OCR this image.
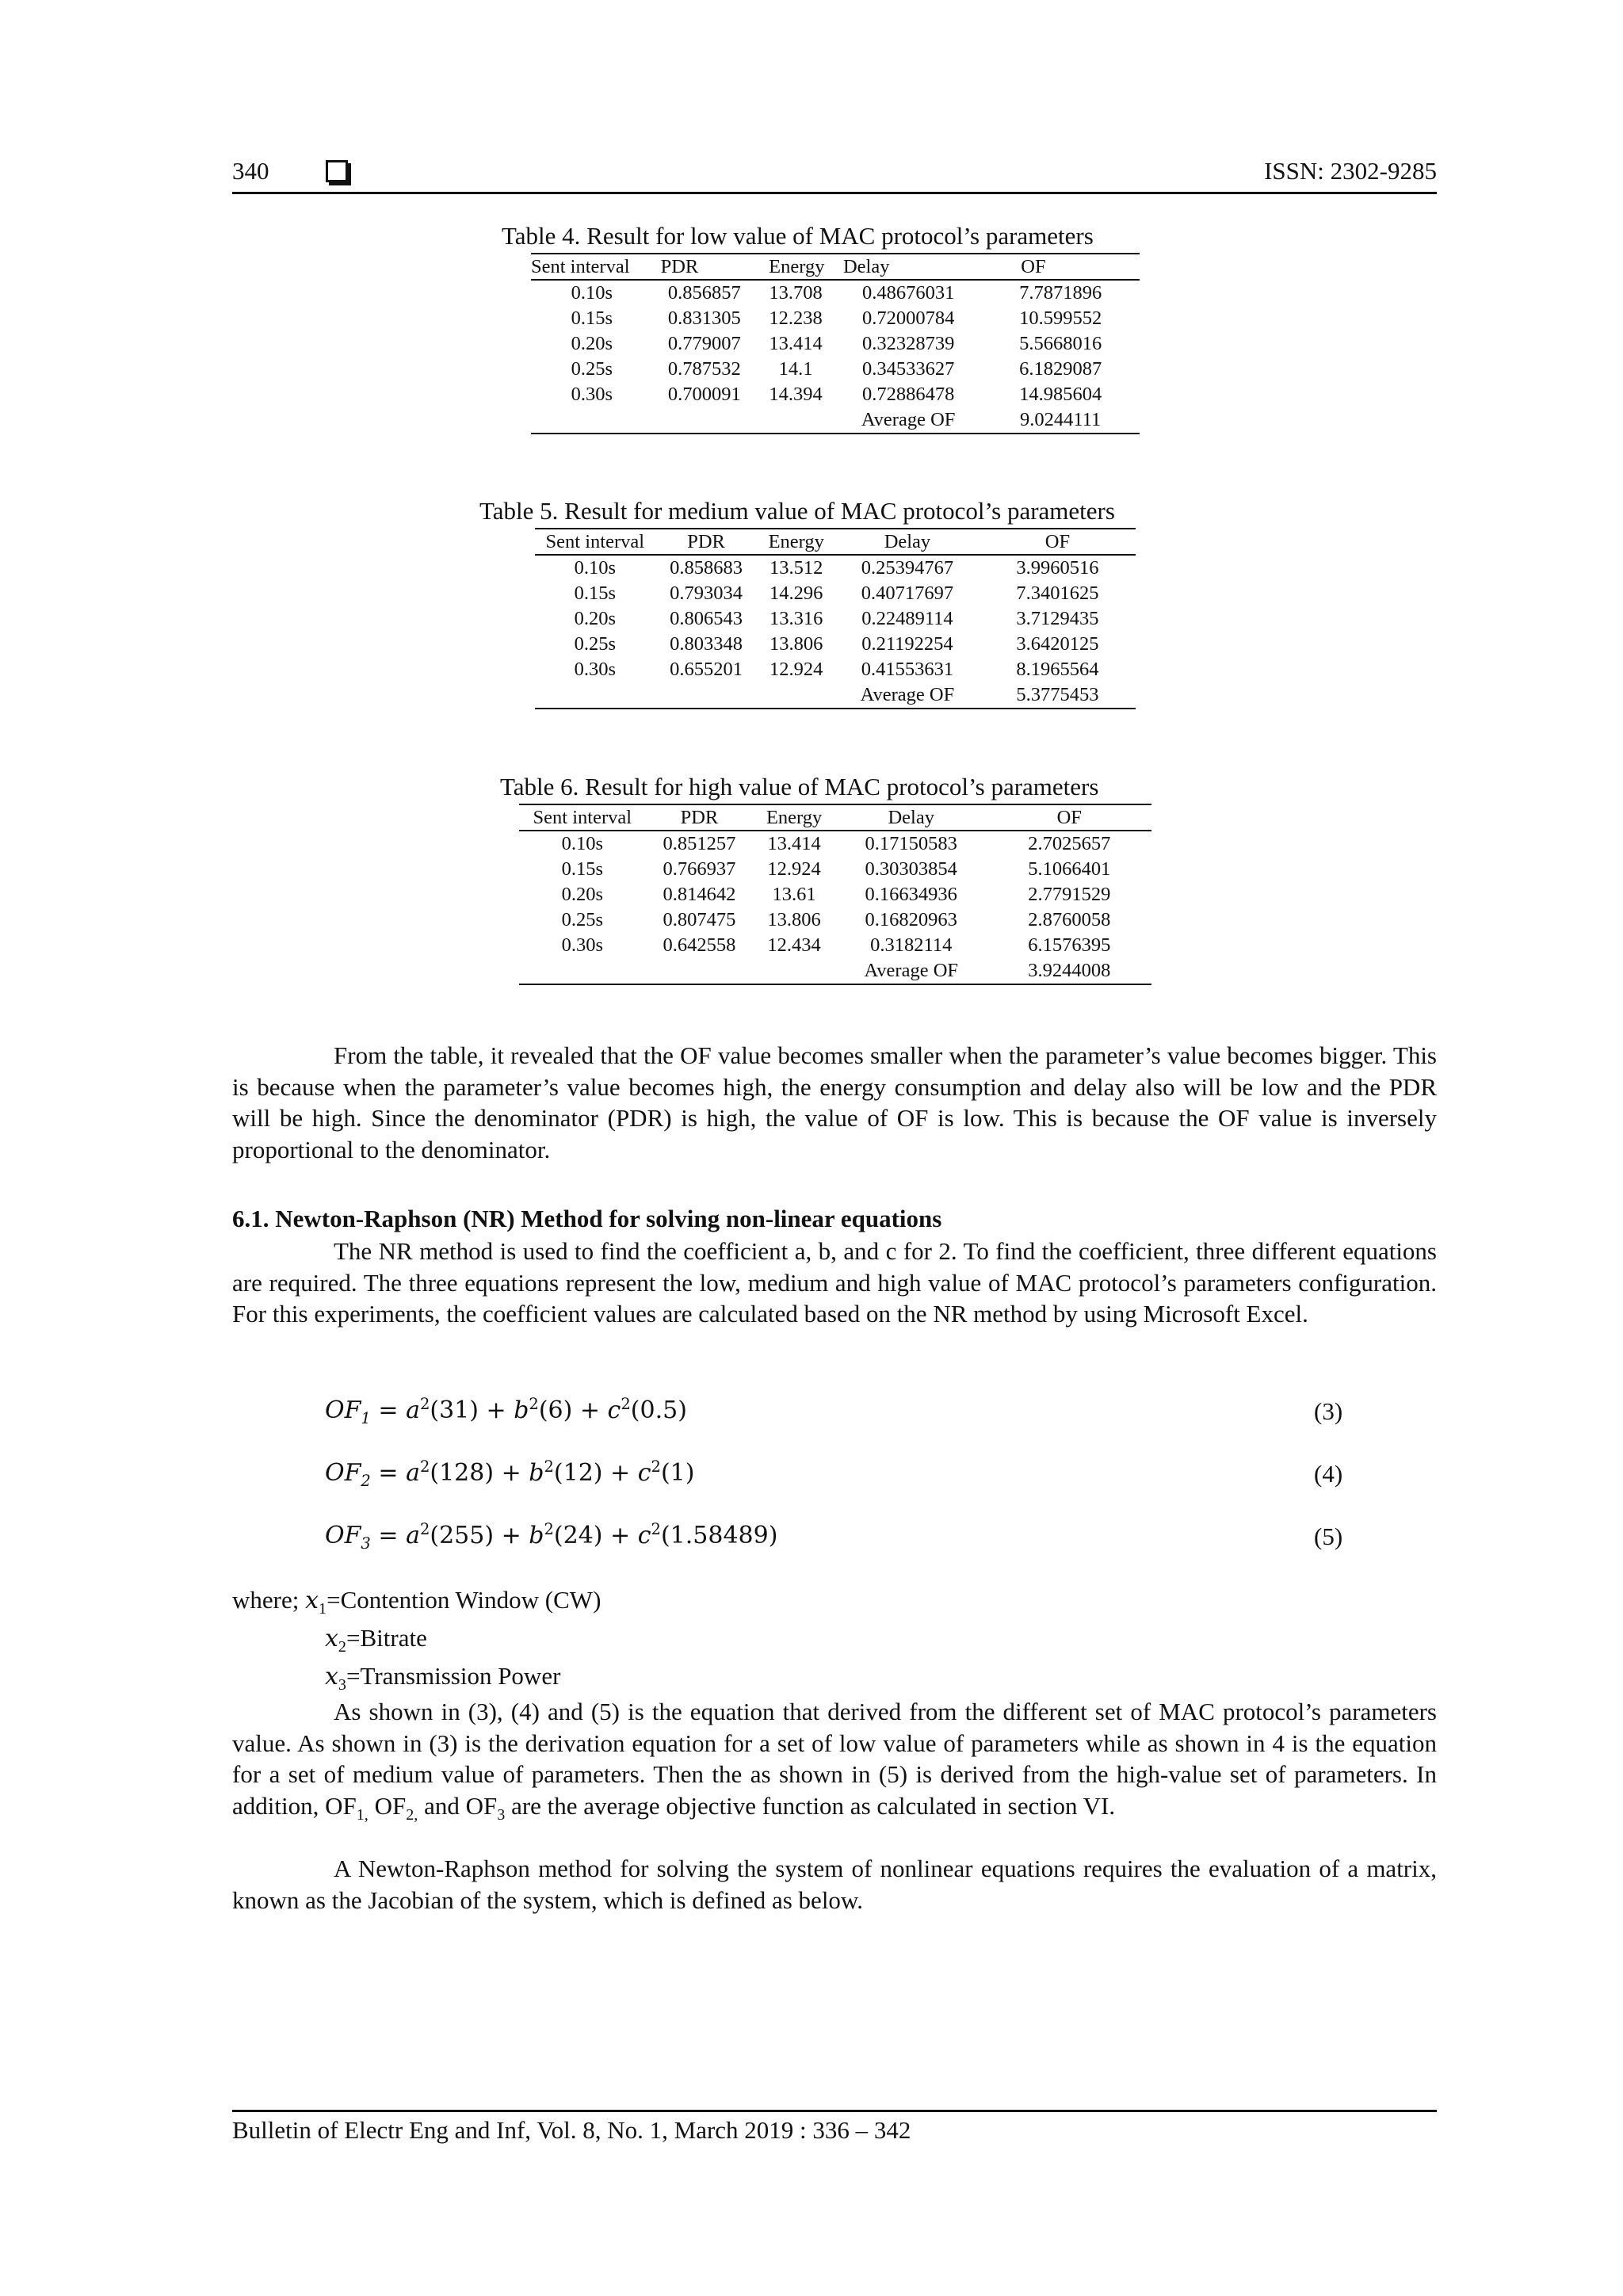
340	ISSN: 2302-9285
Table 4. Result for low value of MAC protocol’s parameters
Sent interval	PDR	Energy	Delay	OF
0.10s	0.856857	13.708	0.48676031	7.7871896
0.15s	0.831305	12.238	0.72000784	10.599552
0.20s	0.779007	13.414	0.32328739	5.5668016
0.25s	0.787532	14.1	0.34533627	6.1829087
0.30s	0.700091	14.394	0.72886478	14.985604
			Average OF	9.0244111
Table 5. Result for medium value of MAC protocol’s parameters
Sent interval	PDR	Energy	Delay	OF
0.10s	0.858683	13.512	0.25394767	3.9960516
0.15s	0.793034	14.296	0.40717697	7.3401625
0.20s	0.806543	13.316	0.22489114	3.7129435
0.25s	0.803348	13.806	0.21192254	3.6420125
0.30s	0.655201	12.924	0.41553631	8.1965564
			Average OF	5.3775453
Table 6. Result for high value of MAC protocol’s parameters
Sent interval	PDR	Energy	Delay	OF
0.10s	0.851257	13.414	0.17150583	2.7025657
0.15s	0.766937	12.924	0.30303854	5.1066401
0.20s	0.814642	13.61	0.16634936	2.7791529
0.25s	0.807475	13.806	0.16820963	2.8760058
0.30s	0.642558	12.434	0.3182114	6.1576395
			Average OF	3.9244008

From the table, it revealed that the OF value becomes smaller when the parameter’s value becomes bigger. This is because when the parameter’s value becomes high, the energy consumption and delay also will be low and the PDR will be high. Since the denominator (PDR) is high, the value of OF is low. This is because the OF value is inversely proportional to the denominator.

6.1. Newton-Raphson (NR) Method for solving non-linear equations

The NR method is used to find the coefficient a, b, and c for 2. To find the coefficient, three different equations are required. The three equations represent the low, medium and high value of MAC protocol’s parameters configuration. For this experiments, the coefficient values are calculated based on the NR method by using Microsoft Excel.

$OF_1 = a^2(31) + b^2(6) + c^2(0.5)$	(3)
$OF_2 = a^2(128) + b^2(12) + c^2(1)$	(4)
$OF_3 = a^2(255) + b^2(24) + c^2(1.58489)$	(5)
where; $x_1=Contention$ Window (CW)
$x_2=Bitrate$
$x_3=Transmission$ Power

As shown in (3), (4) and (5) is the equation that derived from the different set of MAC protocol’s parameters value. As shown in (3) is the derivation equation for a set of low value of parameters while as shown in 4 is the equation for a set of medium value of parameters. Then the as shown in (5) is derived from the high-value set of parameters. In addition, $OF_{1,}$ $OF_{2,}$ and $OF_3$ are the average objective function as calculated in section VI.

A Newton-Raphson method for solving the system of nonlinear equations requires the evaluation of a matrix, known as the Jacobian of the system, which is defined as below.

Bulletin of Electr Eng and Inf, Vol. 8, No. 1, March 2019 : 336 – 342
